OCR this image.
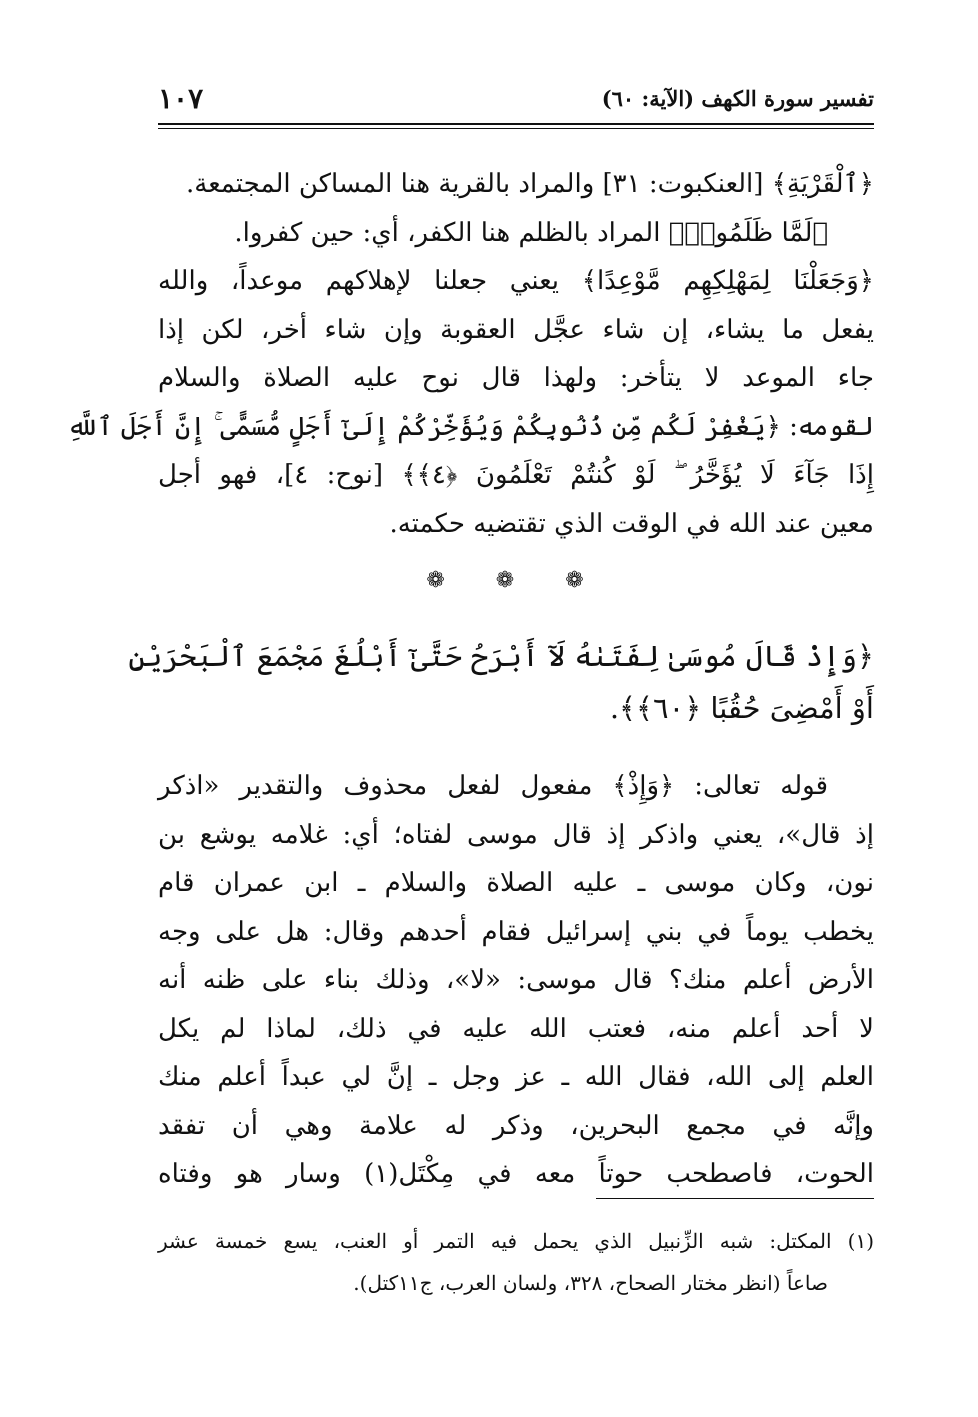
تفسير سورة الكهف (الآية: ٦٠)
١٠٧
﴿ٱلْقَرْيَةِ﴾ [العنكبوت: ٣١] والمراد بالقرية هنا المساكن المجتمعة.
﴿لَمَّا ظَلَمُوا۟﴾ المراد بالظلم هنا الكفر، أي: حين كفروا.
﴿وَجَعَلْنَا لِمَهْلِكِهِم مَّوْعِدًا﴾ يعني جعلنا لإهلاكهم موعداً، والله
يفعل ما يشاء، إن شاء عجَّل العقوبة وإن شاء أخر، لكن إذا
جاء الموعد لا يتأخر: ولهذا قال نوح عليه الصلاة والسلام
لقومه: ﴿يَغْفِرْ لَكُم مِّن ذُنُوبِكُمْ وَيُؤَخِّرْكُمْ إِلَىٰٓ أَجَلٍ مُّسَمًّى ۚ إِنَّ أَجَلَ ٱللَّهِ
إِذَا جَآءَ لَا يُؤَخَّرُ ۖ لَوْ كُنتُمْ تَعْلَمُونَ ﴿٤﴾﴾ [نوح: ٤]، فهو أجل
معين عند الله في الوقت الذي تقتضيه حكمته.
❁ ❁ ❁
﴿وَإِذْ قَالَ مُوسَىٰ لِفَتَىٰهُ لَآ أَبْرَحُ حَتَّىٰٓ أَبْلُغَ مَجْمَعَ ٱلْبَحْرَيْنِ
أَوْ أَمْضِىَ حُقُبًا ﴿٦٠﴾﴾.
قوله تعالى: ﴿وَإِذْ﴾ مفعول لفعل محذوف والتقدير «اذكر
إذ قال»، يعني واذكر إذ قال موسى لفتاه؛ أي: غلامه يوشع بن
نون، وكان موسى ـ عليه الصلاة والسلام ـ ابن عمران قام
يخطب يوماً في بني إسرائيل فقام أحدهم وقال: هل على وجه
الأرض أعلم منك؟ قال موسى: «لا»، وذلك بناء على ظنه أنه
لا أحد أعلم منه، فعتب الله عليه في ذلك، لماذا لم يكل
العلم إلى الله، فقال الله ـ عز وجل ـ إنَّ لي عبداً أعلم منك
وإنَّه في مجمع البحرين، وذكر له علامة وهي أن تفقد
الحوت، فاصطحب حوتاً معه في مِكْتَل(١) وسار هو وفتاه
(١) المكتل: شبه الزِّنبيل الذي يحمل فيه التمر أو العنب، يسع خمسة عشر
صاعاً (انظر مختار الصحاح، ٣٢٨، ولسان العرب، ج١١كتل).
